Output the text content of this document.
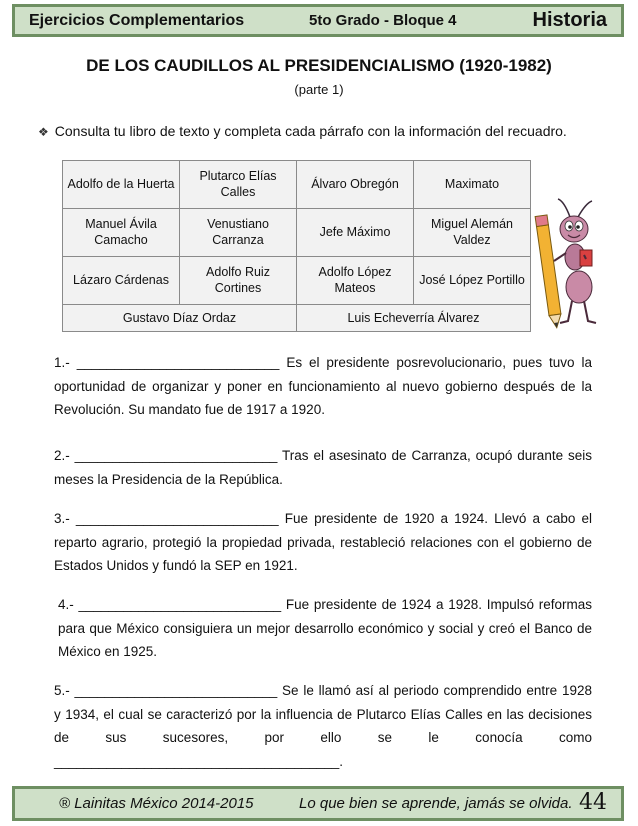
Ejercicios Complementarios	5to Grado - Bloque 4	Historia
DE LOS CAUDILLOS AL PRESIDENCIALISMO (1920-1982)
(parte 1)
❖ Consulta tu libro de texto y completa cada párrafo con la información del recuadro.
Adolfo de la Huerta	Plutarco Elías Calles	Álvaro Obregón	Maximato
Manuel Ávila Camacho	Venustiano Carranza	Jefe Máximo	Miguel Alemán Valdez
Lázaro Cárdenas	Adolfo Ruiz Cortines	Adolfo López Mateos	José López Portillo
Gustavo Díaz Ordaz		Luis Echeverría Álvarez	
1.- ___________________________ Es el presidente posrevolucionario, pues tuvo la oportunidad de organizar y poner en funcionamiento al nuevo gobierno después de la Revolución. Su mandato fue de 1917 a 1920.
2.- ___________________________ Tras el asesinato de Carranza, ocupó durante seis meses la Presidencia de la República.
3.- ___________________________ Fue presidente de 1920 a 1924. Llevó a cabo el reparto agrario, protegió la propiedad privada, restableció relaciones con el gobierno de Estados Unidos y fundó la SEP en 1921.
4.- ___________________________ Fue presidente de 1924 a 1928. Impulsó reformas para que México consiguiera un mejor desarrollo económico y social y creó el Banco de México en 1925.
5.- ___________________________ Se le llamó así al periodo comprendido entre 1928 y 1934, el cual se caracterizó por la influencia de Plutarco Elías Calles en las decisiones de sus sucesores, por ello se le conocía como ______________________________________.
® Lainitas México 2014-2015	Lo que bien se aprende, jamás se olvida. 44
